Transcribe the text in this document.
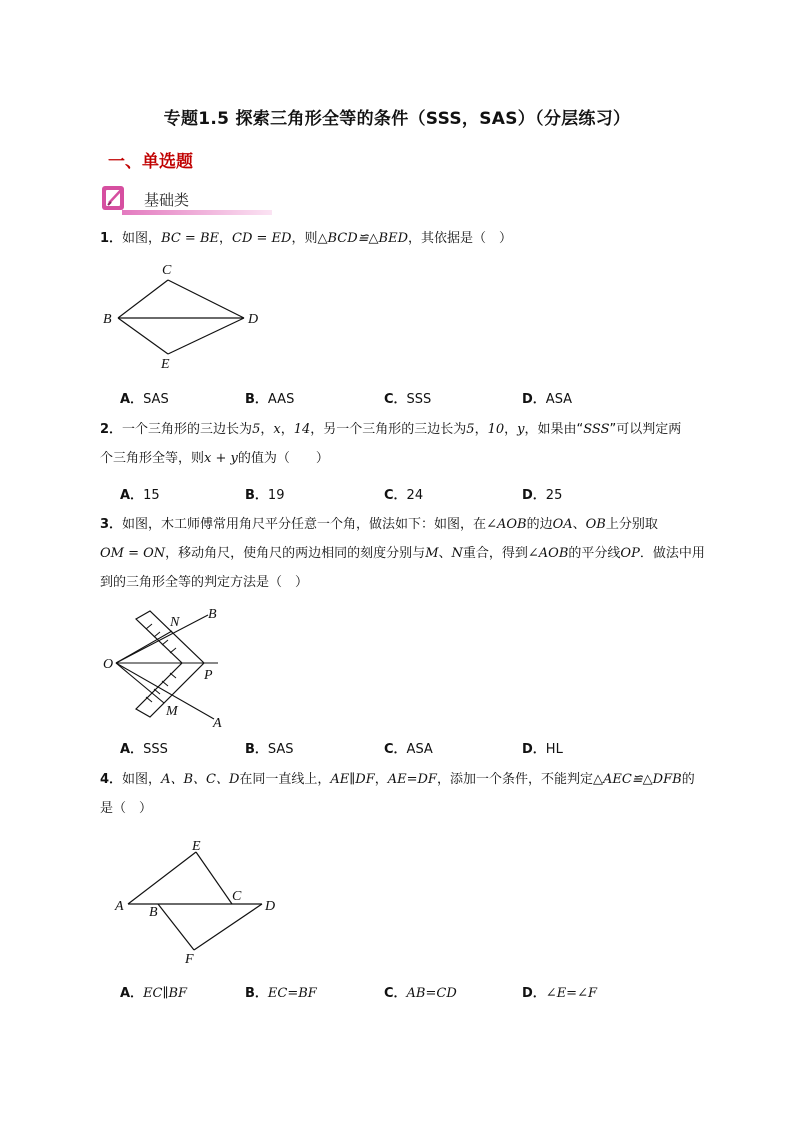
专题1.5 探索三角形全等的条件（SSS，SAS）（分层练习）
一、单选题
基础类
1．如图，BC = BE，CD = ED，则△BCD≌△BED，其依据是（　）
C
B	D
E
A．SAS	B．AAS	C．SSS	D．ASA
2．一个三角形的三边长为5，x，14，另一个三角形的三边长为5，10，y，如果由“SSS”可以判定两
个三角形全等，则x + y的值为（　　）
A．15	B．19	C．24	D．25
3．如图，木工师傅常用角尺平分任意一个角，做法如下：如图，在∠AOB的边OA、OB上分别取
OM = ON，移动角尺，使角尺的两边相同的刻度分别与M、N重合，得到∠AOB的平分线OP．做法中用
到的三角形全等的判定方法是（　）
O
N
B
P
M
A
A．SSS	B．SAS	C．ASA	D．HL
4．如图，A、B、C、D在同一直线上，AE∥DF，AE=DF，添加一个条件，不能判定△AEC≌△DFB的
是（　）
E
A B
C
D
F
A．EC∥BF	B．EC=BF	C．AB=CD	D．∠E=∠F
